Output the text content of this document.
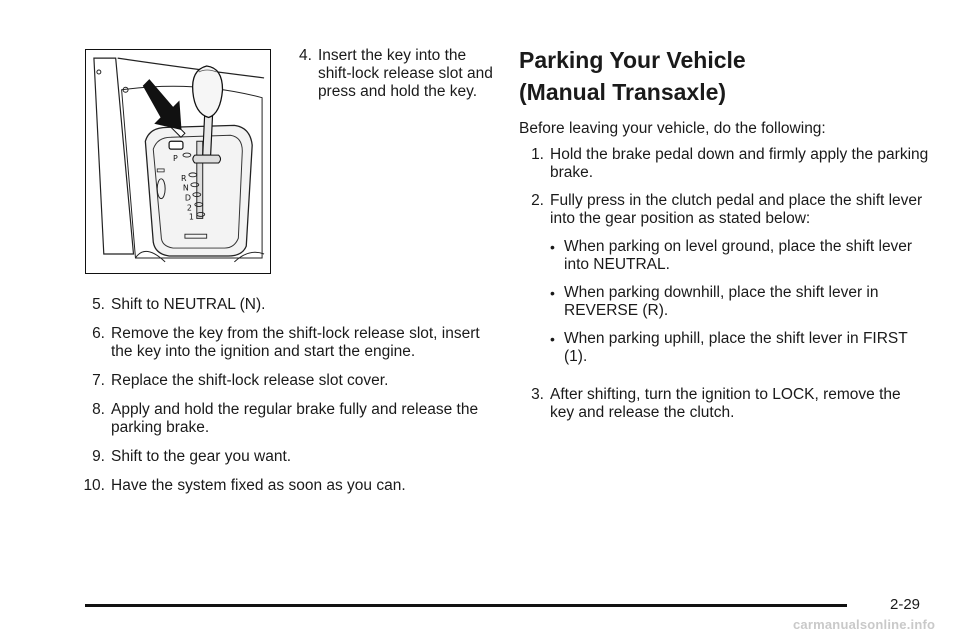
P
R
N
D
2
1
4. Insert the key into the shift-lock release slot and press and hold the key.
5. Shift to NEUTRAL (N).
6. Remove the key from the shift-lock release slot, insert the key into the ignition and start the engine.
7. Replace the shift-lock release slot cover.
8. Apply and hold the regular brake fully and release the parking brake.
9. Shift to the gear you want.
10. Have the system fixed as soon as you can.
Parking Your Vehicle
(Manual Transaxle)
Before leaving your vehicle, do the following:
1. Hold the brake pedal down and firmly apply the parking brake.
2. Fully press in the clutch pedal and place the shift lever into the gear position as stated below:
• When parking on level ground, place the shift lever into NEUTRAL.
• When parking downhill, place the shift lever in REVERSE (R).
• When parking uphill, place the shift lever in FIRST (1).
3. After shifting, turn the ignition to LOCK, remove the key and release the clutch.
2-29
carmanualsonline.info
